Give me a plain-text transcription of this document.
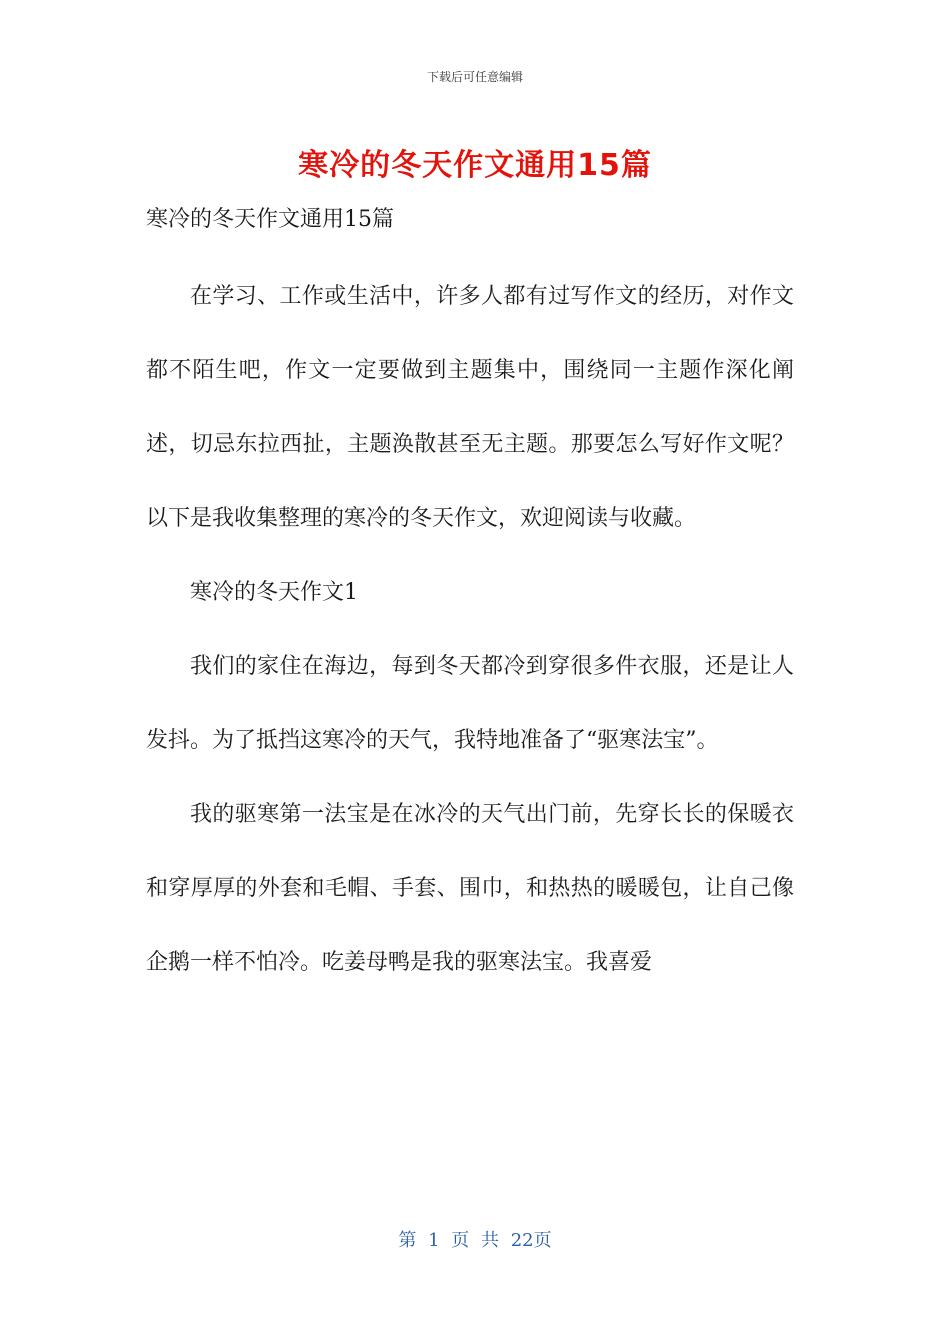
下载后可任意编辑
寒冷的冬天作文通用15篇

寒冷的冬天作文通用15篇

在学习、工作或生活中，许多人都有过写作文的经历，对作文都不陌生吧，作文一定要做到主题集中，围绕同一主题作深化阐述，切忌东拉西扯，主题涣散甚至无主题。那要怎么写好作文呢？以下是我收集整理的寒冷的冬天作文，欢迎阅读与收藏。

寒冷的冬天作文1

我们的家住在海边，每到冬天都冷到穿很多件衣服，还是让人发抖。为了抵挡这寒冷的天气，我特地准备了“驱寒法宝”。

我的驱寒第一法宝是在冰冷的天气出门前，先穿长长的保暖衣和穿厚厚的外套和毛帽、手套、围巾，和热热的暖暖包，让自己像企鹅一样不怕冷。吃姜母鸭是我的驱寒法宝。我喜爱

第 1 页 共 22页
